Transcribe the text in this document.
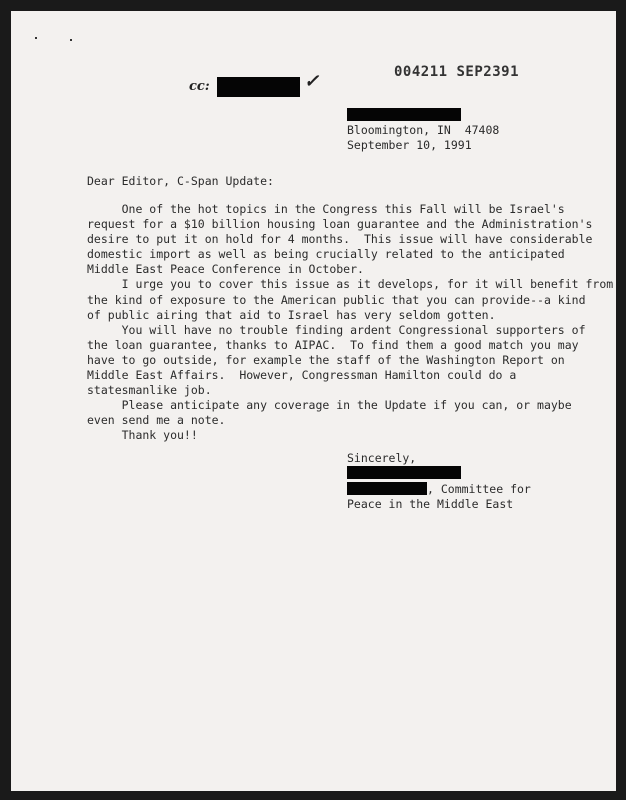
cc:	✓	004211 SEP2391
Bloomington, IN  47408
September 10, 1991
Dear Editor, C-Span Update:
One of the hot topics in the Congress this Fall will be Israel's
request for a $10 billion housing loan guarantee and the Administration's
desire to put it on hold for 4 months.  This issue will have considerable
domestic import as well as being crucially related to the anticipated
Middle East Peace Conference in October.
I urge you to cover this issue as it develops, for it will benefit from
the kind of exposure to the American public that you can provide--a kind
of public airing that aid to Israel has very seldom gotten.
You will have no trouble finding ardent Congressional supporters of
the loan guarantee, thanks to AIPAC.  To find them a good match you may
have to go outside, for example the staff of the Washington Report on
Middle East Affairs.  However, Congressman Hamilton could do a
statesmanlike job.
Please anticipate any coverage in the Update if you can, or maybe
even send me a note.
Thank you!!
Sincerely,
, Committee for
Peace in the Middle East
